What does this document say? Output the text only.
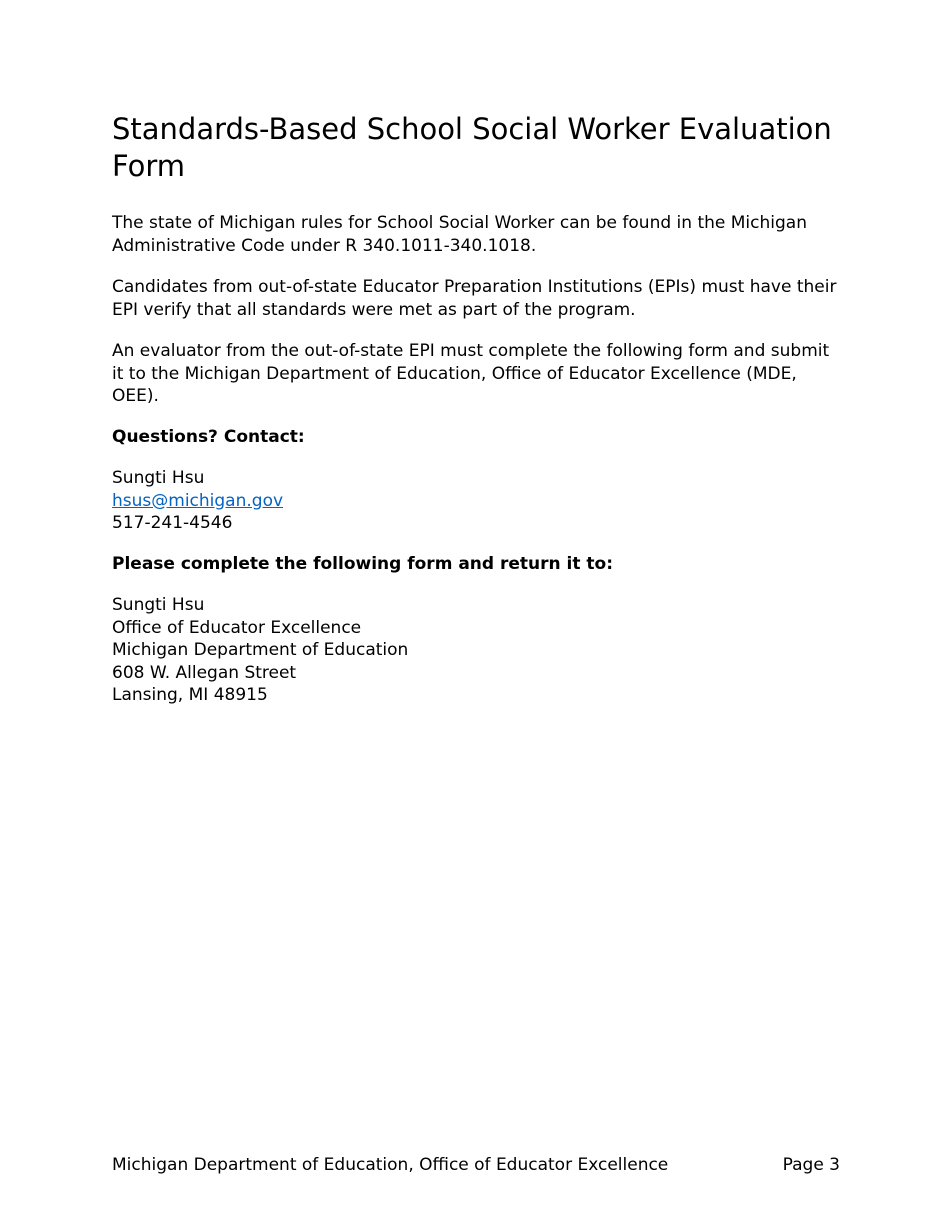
Standards-Based School Social Worker Evaluation Form

The state of Michigan rules for School Social Worker can be found in the Michigan Administrative Code under R 340.1011-340.1018.

Candidates from out-of-state Educator Preparation Institutions (EPIs) must have their EPI verify that all standards were met as part of the program.

An evaluator from the out-of-state EPI must complete the following form and submit it to the Michigan Department of Education, Office of Educator Excellence (MDE, OEE).

Questions? Contact:
Sungti Hsu
hsus@michigan.gov
517-241-4546
Please complete the following form and return it to:
Sungti Hsu
Office of Educator Excellence
Michigan Department of Education
608 W. Allegan Street
Lansing, MI 48915
Michigan Department of Education, Office of Educator Excellence	Page 3
